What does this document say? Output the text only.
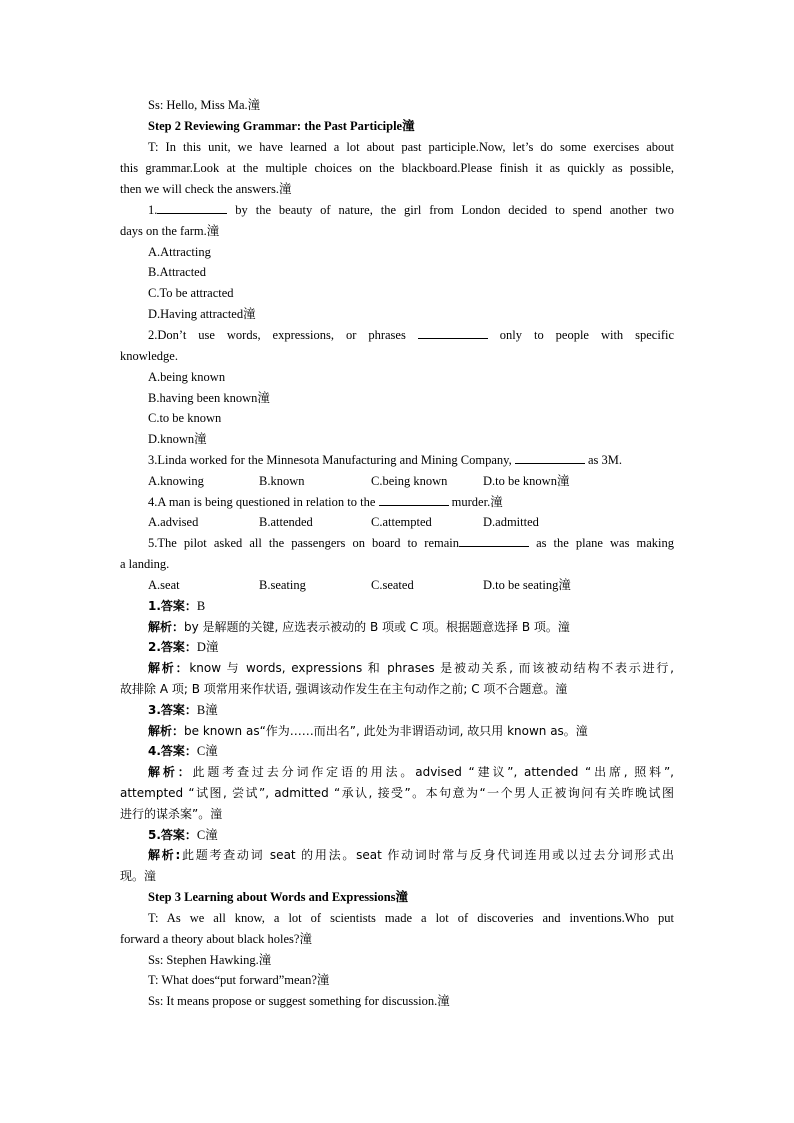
Ss: Hello, Miss Ma.潼
Step 2 Reviewing Grammar: the Past Participle潼
T: In this unit, we have learned a lot about past participle.Now, let’s do some exercises about
this grammar.Look at the multiple choices on the blackboard.Please finish it as quickly as possible,
then we will check the answers.潼
1.	by the beauty of nature, the girl from London decided to spend another two
days on the farm.潼
A.Attracting
B.Attracted
C.To be attracted
D.Having attracted潼
2.Don’t use words, expressions, or phrases	only to people with specific
knowledge.
A.being known
B.having been known潼
C.to be known
D.known潼
3.Linda worked for the Minnesota Manufacturing and Mining Company,	as 3M.
A.knowing	B.known	C.being known	D.to be known潼
4.A man is being questioned in relation to the	murder.潼
A.advised	B.attended	C.attempted	D.admitted
5.The pilot asked all the passengers on board to remain	as the plane was making
a landing.
A.seat	B.seating	C.seated	D.to be seating潼
1.答案：B
解析：by 是解题的关键, 应选表示被动的 B 项或 C 项。根据题意选择 B 项。潼
2.答案：D潼
解析：know 与 words, expressions 和 phrases 是被动关系, 而该被动结构不表示进行,
故排除 A 项; B 项常用来作状语, 强调该动作发生在主句动作之前; C 项不合题意。潼
3.答案：B潼
解析：be known as“作为……而出名”, 此处为非谓语动词, 故只用 known as。潼
4.答案：C潼
解析：此题考查过去分词作定语的用法。advised “建议”, attended “出席, 照料”,
attempted “试图, 尝试”, admitted “承认, 接受”。本句意为“一个男人正被询问有关昨晚试图
进行的谋杀案”。潼
5.答案：C潼
解析:此题考查动词 seat 的用法。seat 作动词时常与反身代词连用或以过去分词形式出
现。潼
Step 3 Learning about Words and Expressions潼
T: As we all know, a lot of scientists made a lot of discoveries and inventions.Who put
forward a theory about black holes?潼
Ss: Stephen Hawking.潼
T: What does“put forward”mean?潼
Ss: It means propose or suggest something for discussion.潼
